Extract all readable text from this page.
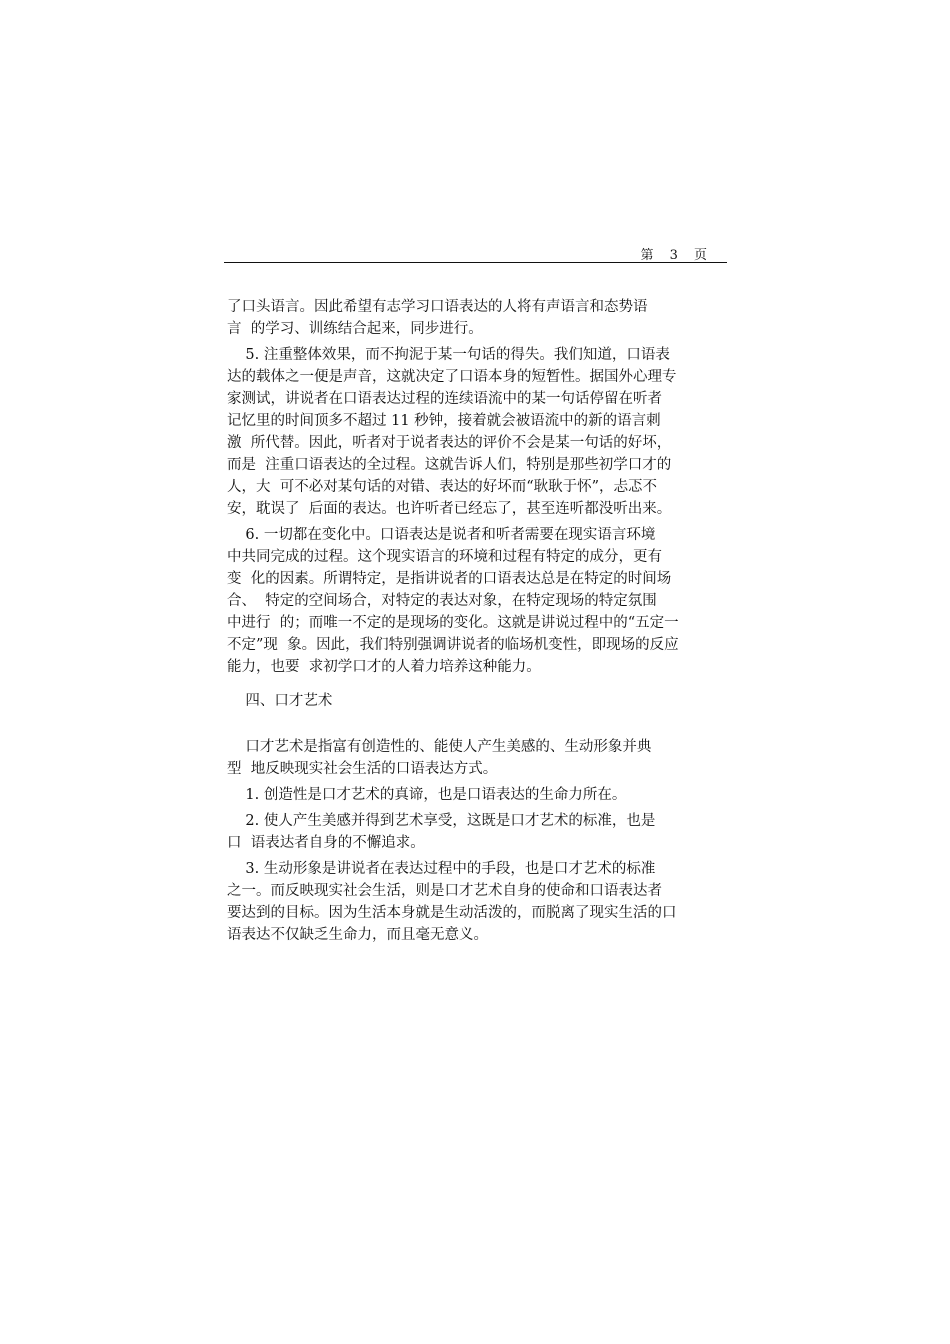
第 3 页
了口头语言。因此希望有志学习口语表达的人将有声语言和态势语
言  的学习、训练结合起来，同步进行。
5. 注重整体效果，而不拘泥于某一句话的得失。我们知道，口语表
达的载体之一便是声音，这就决定了口语本身的短暂性。据国外心理专
家测试，讲说者在口语表达过程的连续语流中的某一句话停留在听者
记忆里的时间顶多不超过 11 秒钟，接着就会被语流中的新的语言刺
激  所代替。因此，听者对于说者表达的评价不会是某一句话的好坏，
而是  注重口语表达的全过程。这就告诉人们，特别是那些初学口才的
人，大  可不必对某句话的对错、表达的好坏而“耿耿于怀”，忐忑不
安，耽误了  后面的表达。也许听者已经忘了，甚至连听都没听出来。
6. 一切都在变化中。口语表达是说者和听者需要在现实语言环境
中共同完成的过程。这个现实语言的环境和过程有特定的成分，更有
变  化的因素。所谓特定，是指讲说者的口语表达总是在特定的时间场
合、  特定的空间场合，对特定的表达对象，在特定现场的特定氛围
中进行  的；而唯一不定的是现场的变化。这就是讲说过程中的“五定一
不定”现  象。因此，我们特别强调讲说者的临场机变性，即现场的反应
能力，也要  求初学口才的人着力培养这种能力。
四、口才艺术
口才艺术是指富有创造性的、能使人产生美感的、生动形象并典
型  地反映现实社会生活的口语表达方式。
1. 创造性是口才艺术的真谛，也是口语表达的生命力所在。
2. 使人产生美感并得到艺术享受，这既是口才艺术的标准，也是
口  语表达者自身的不懈追求。
3. 生动形象是讲说者在表达过程中的手段，也是口才艺术的标准
之一。而反映现实社会生活，则是口才艺术自身的使命和口语表达者
要达到的目标。因为生活本身就是生动活泼的，而脱离了现实生活的口
语表达不仅缺乏生命力，而且毫无意义。
